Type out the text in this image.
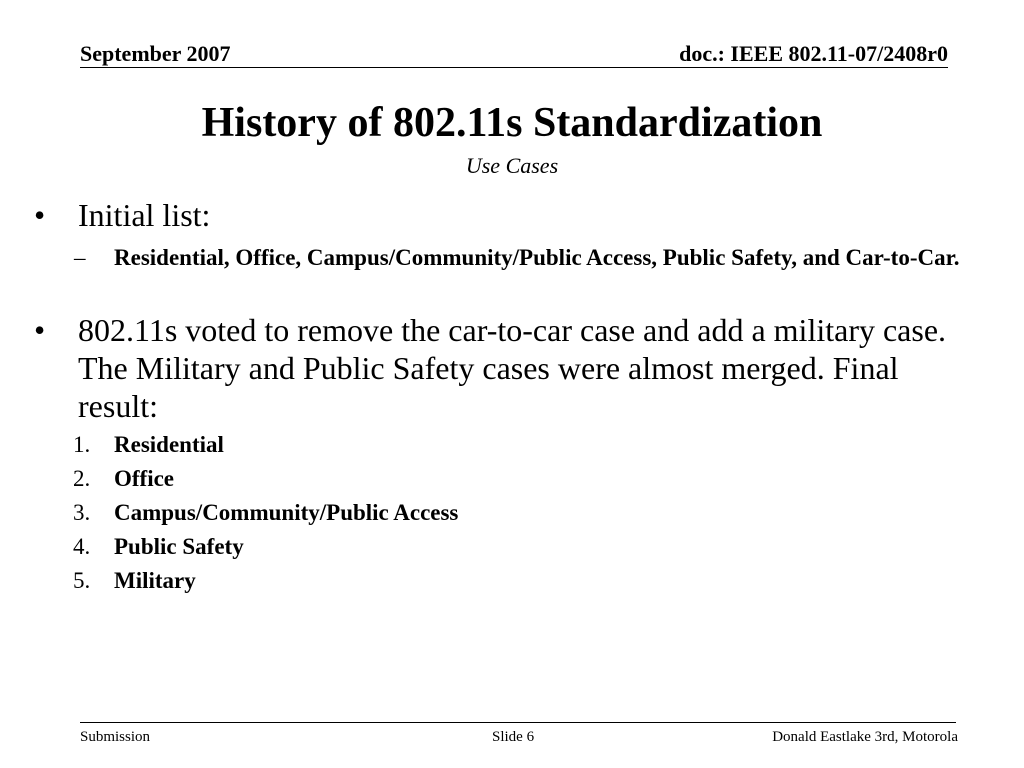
September 2007	doc.: IEEE 802.11-07/2408r0
History of 802.11s Standardization
Use Cases
• Initial list:
– Residential, Office, Campus/Community/Public Access, Public Safety, and Car-to-Car.
• 802.11s voted to remove the car-to-car case and add a military case. The Military and Public Safety cases were almost merged. Final result:
1. Residential
2. Office
3. Campus/Community/Public Access
4. Public Safety
5. Military
Submission	Slide 6	Donald Eastlake 3rd, Motorola
